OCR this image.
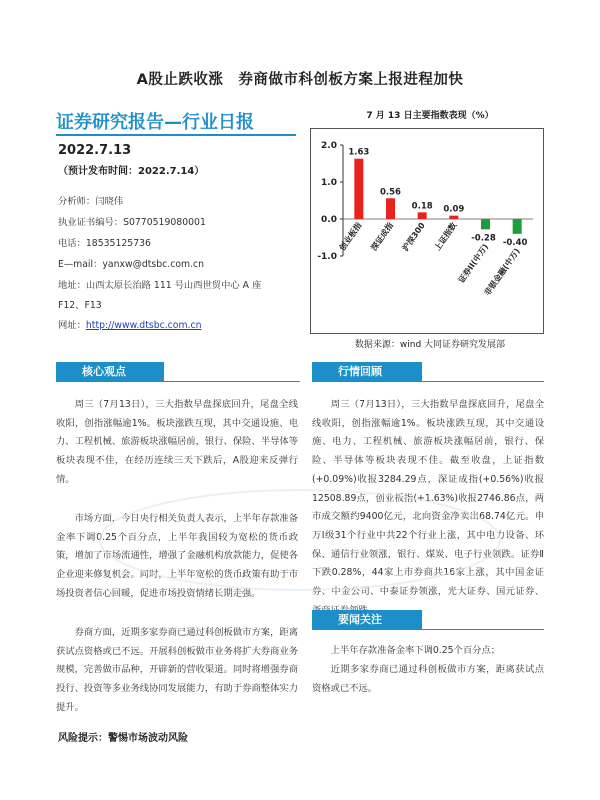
A股止跌收涨　券商做市科创板方案上报进程加快
证券研究报告—行业日报
2022.7.13
（预计发布时间：2022.7.14）
分析师：闫晓伟
执业证书编号：S0770519080001
电话：18535125736
E—mail：yanxw@dtsbc.com.cn
地址：山西太原长治路 111 号山西世贸中心 A 座
F12、F13
网址：http://www.dtsbc.com.cn
7 月 13 日主要指数表现（%）
2.0
1.0
0.0
-1.0
1.63
创业板指
0.56
深证成指
0.18
沪深300
0.09
上证指数 -0.28
证券II(中万) -0.40
非银金融(中万)
数据来源：wind 大同证券研究发展部
核心观点

周三（7月13日），三大指数早盘探底回升，尾盘全线收阳，创指涨幅逾1%。板块涨跌互现，其中交通设施、电力、工程机械、旅游板块涨幅居前，银行、保险、半导体等板块表现不佳，在经历连续三天下跌后，A股迎来反弹行情。

市场方面，今日央行相关负责人表示，上半年存款准备金率下调0.25个百分点，上半年我国较为宽松的货币政策，增加了市场流通性，增强了金融机构放款能力，促使各企业迎来修复机会。同时，上半年宽松的货币政策有助于市场投资者信心回暖，促进市场投资情绪长期走强。

券商方面，近期多家券商已通过科创板做市方案，距离获试点资格或已不远。开展科创板做市业务将扩大券商业务规模，完善做市品种，开辟新的营收渠道。同时将增强券商投行、投资等多业务线协同发展能力，有助于券商整体实力提升。

风险提示：警惕市场波动风险
行情回顾

周三（7月13日），三大指数早盘探底回升，尾盘全线收阳，创指涨幅逾1%。板块涨跌互现，其中交通设施、电力、工程机械、旅游板块涨幅居前，银行、保险、半导体等板块表现不佳。截至收盘，上证指数(+0.09%)收报3284.29点，深证成指(+0.56%)收报12508.89点，创业板指(+1.63%)收报2746.86点，两市成交额约9400亿元，北向资金净卖出68.74亿元。申万Ⅰ级31个行业中共22个行业上涨，其中电力设备、环保、通信行业领涨，银行、煤炭、电子行业领跌。证券Ⅱ下跌0.28%，44家上市券商共16家上涨，其中国金证券、中金公司、中泰证券领涨，光大证券、国元证券、

要闻关注

上半年存款准备金率下调0.25个百分点；

近期多家券商已通过科创板做市方案，距离获试点资格或已不远。
